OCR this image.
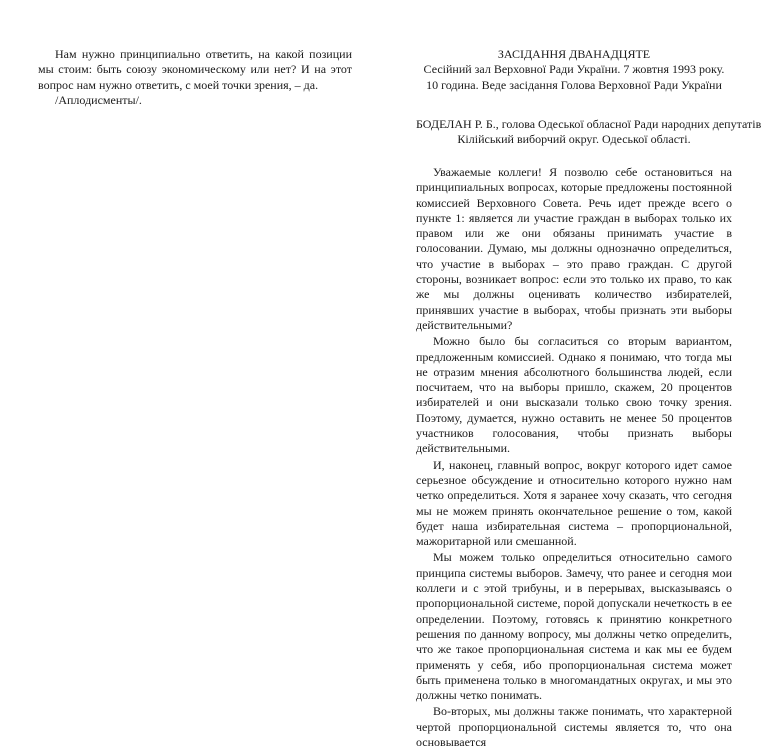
Нам нужно принципиально ответить, на какой позиции мы стоим: быть союзу экономическому или нет? И на этот вопрос нам нужно ответить, с моей точки зрения, – да.

/Аплодисменты/.

ЗАСІДАННЯ ДВАНАДЦЯТЕ
Сесійний зал Верховної Ради України. 7 жовтня 1993 року.
10 година. Веде засідання Голова Верховної Ради України
БОДЕЛАН Р. Б., голова Одеської обласної Ради народних депутатів
Кілійський виборчий округ. Одеської області.

Уважаемые коллеги! Я позволю себе остановиться на принципиальных вопросах, которые предложены постоянной комиссией Верховного Совета. Речь идет прежде всего о пункте 1: является ли участие граждан в выборах только их правом или же они обязаны принимать участие в голосовании. Думаю, мы должны однозначно определиться, что участие в выборах – это право граждан. С другой стороны, возникает вопрос: если это только их право, то как же мы должны оценивать количество избирателей, принявших участие в выборах, чтобы признать эти выборы действительными?

Можно было бы согласиться со вторым вариантом, предложенным комиссией. Однако я понимаю, что тогда мы не отразим мнения абсолютного большинства людей, если посчитаем, что на выборы пришло, скажем, 20 процентов избирателей и они высказали только свою точку зрения. Поэтому, думается, нужно оставить не менее 50 процентов участников голосования, чтобы признать выборы действительными.

И, наконец, главный вопрос, вокруг которого идет самое серьезное обсуждение и относительно которого нужно нам четко определиться. Хотя я заранее хочу сказать, что сегодня мы не можем принять окончательное решение о том, какой будет наша избирательная система – пропорциональной, мажоритарной или смешанной.

Мы можем только определиться относительно самого принципа системы выборов. Замечу, что ранее и сегодня мои коллеги и с этой трибуны, и в перерывах, высказываясь о пропорциональной системе, порой допускали нечеткость в ее определении. Поэтому, готовясь к принятию конкретного решения по данному вопросу, мы должны четко определить, что же такое пропорциональная система и как мы ее будем применять у себя, ибо пропорциональная система может быть применена только в многомандатных округах, и мы это должны четко понимать.

Во-вторых, мы должны также понимать, что характерной чертой пропорциональной системы является то, что она основывается
